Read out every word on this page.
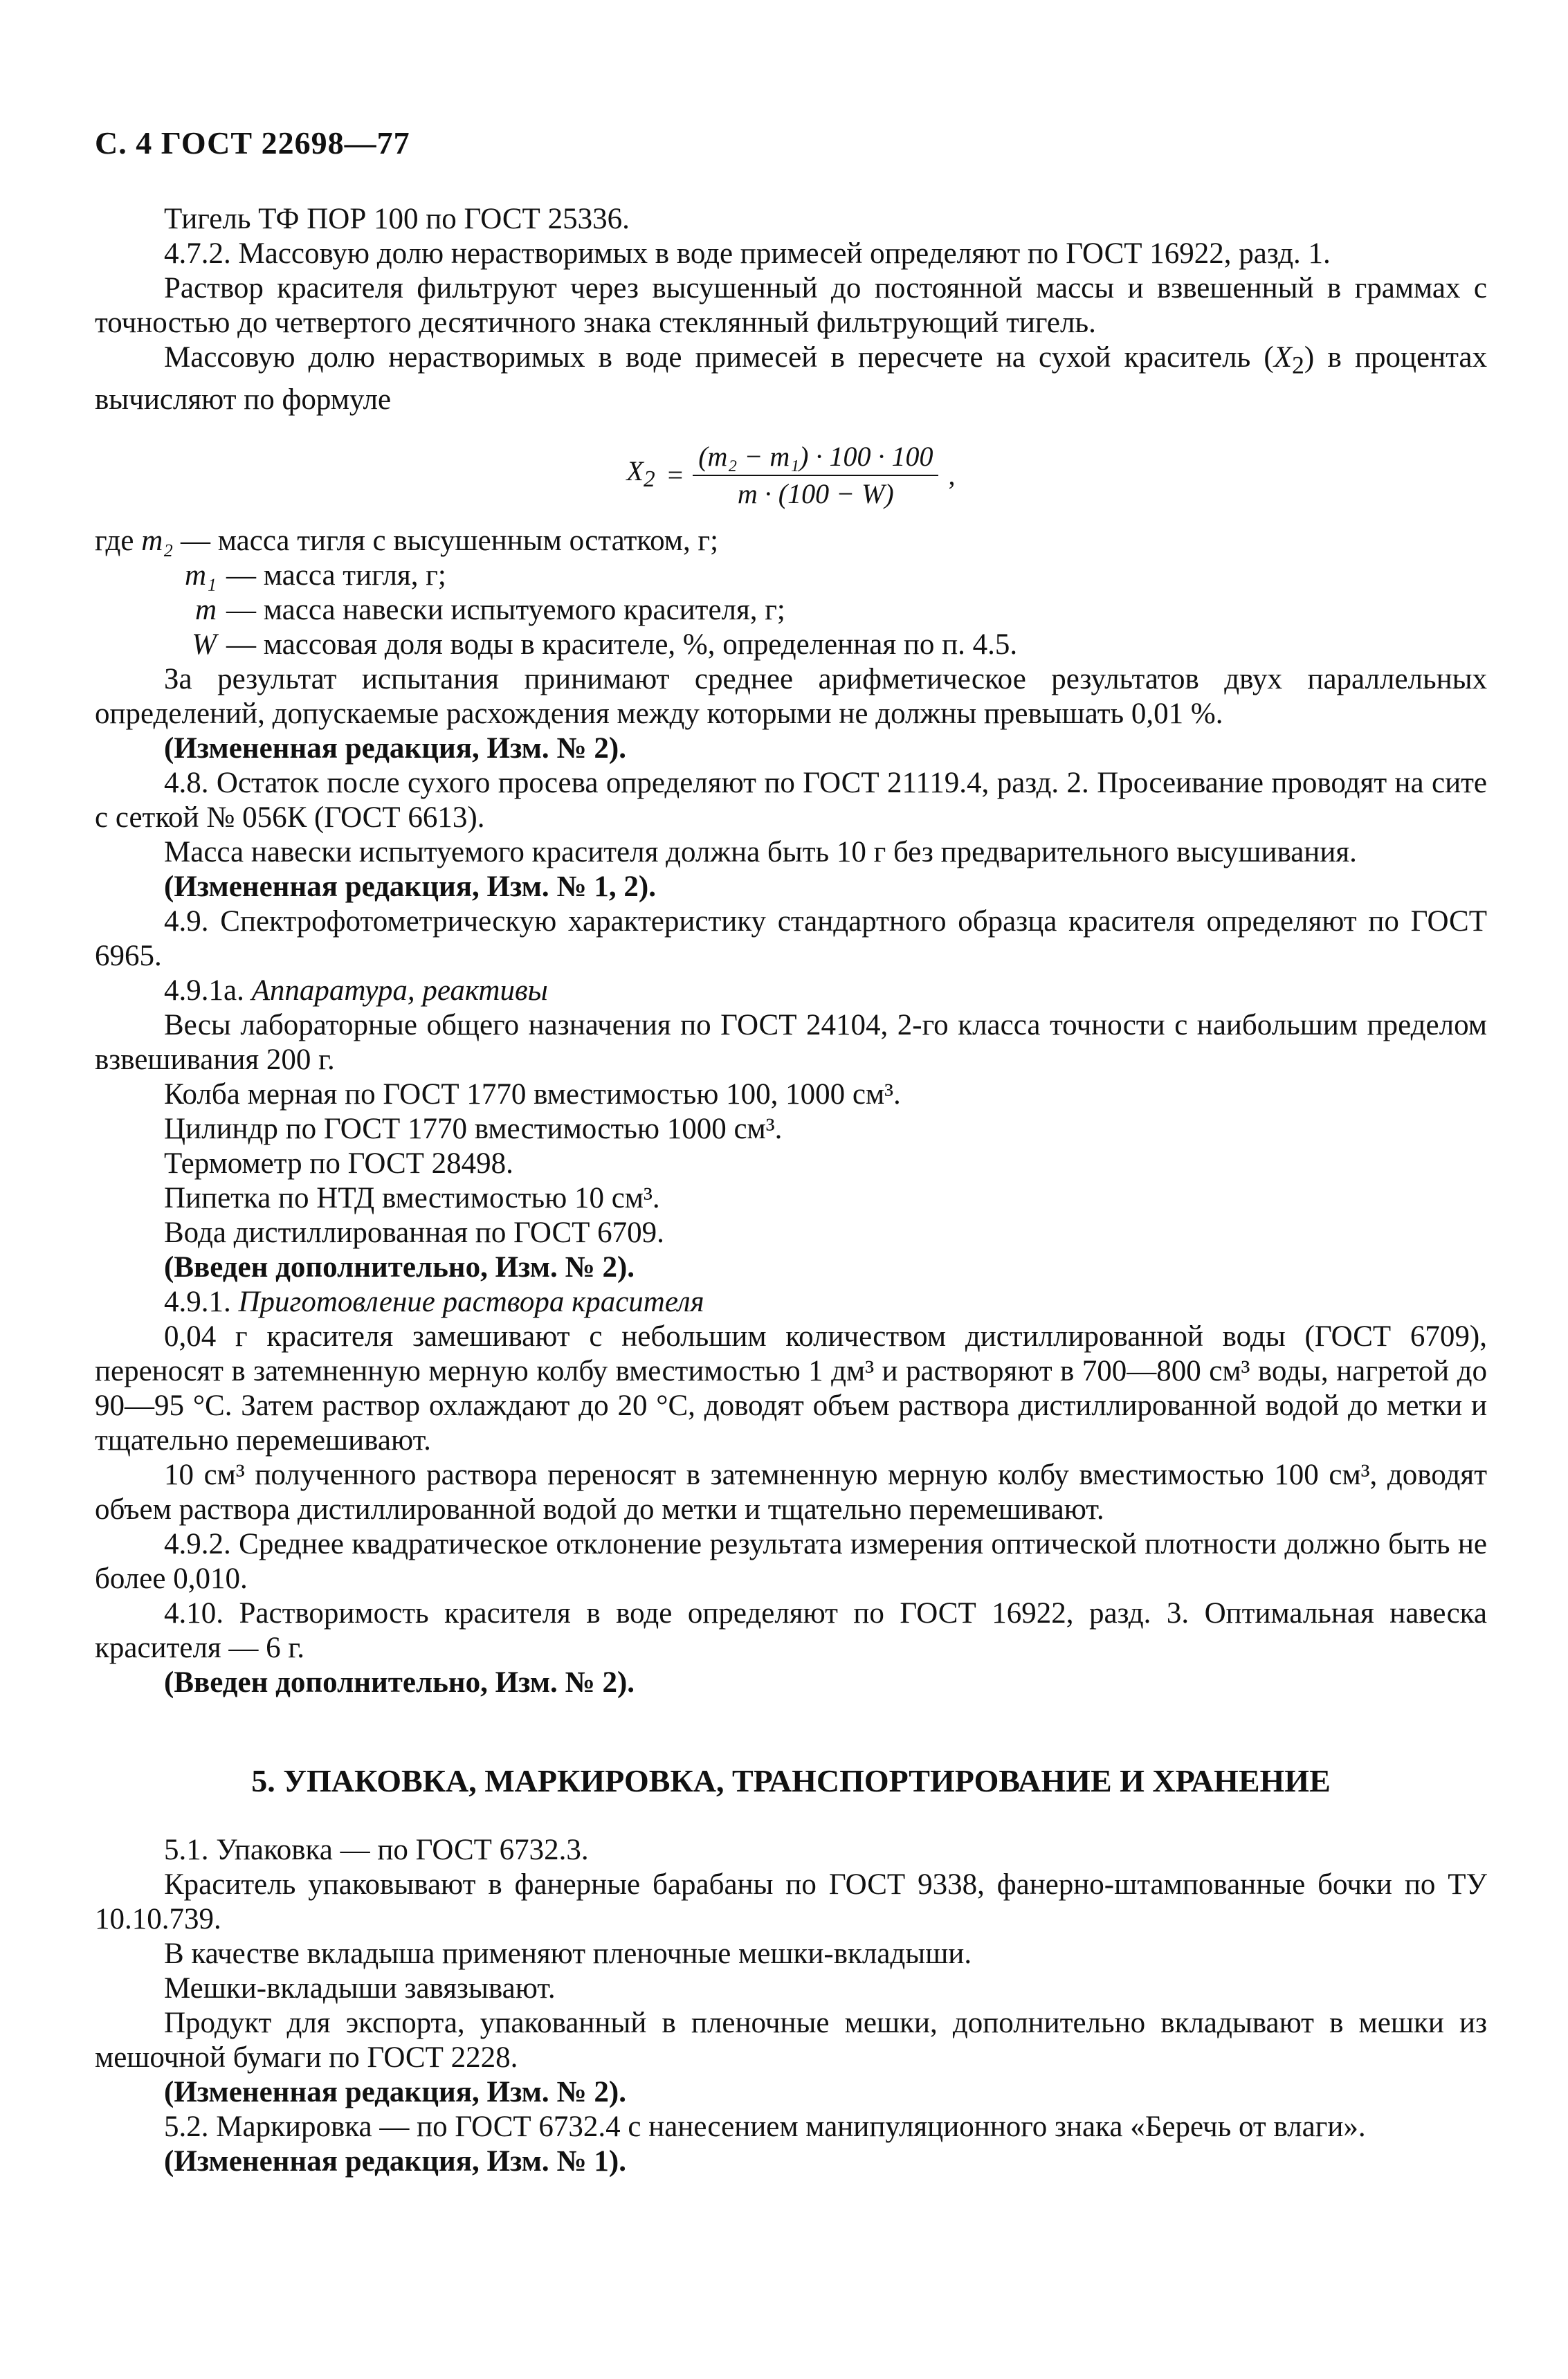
С. 4 ГОСТ 22698—77

Тигель ТФ ПОР 100 по ГОСТ 25336.

4.7.2. Массовую долю нерастворимых в воде примесей определяют по ГОСТ 16922, разд. 1.

Раствор красителя фильтруют через высушенный до постоянной массы и взвешенный в граммах с точностью до четвертого десятичного знака стеклянный фильтрующий тигель.

Массовую долю нерастворимых в воде примесей в пересчете на сухой краситель $(X_2)$ в процентах вычисляют по формуле

$X_2 = \frac{\text{(m₂ − m₁) · 100 · 100}}{m \cdot (100 - W)}$ ,
где
m₂
— масса тигля с высушенным остатком, г;
m₁ — масса тигля, г;
m — масса навески испытуемого красителя, г;
W — массовая доля воды в красителе, %, определенная по п. 4.5.

За результат испытания принимают среднее арифметическое результатов двух параллельных определений, допускаемые расхождения между которыми не должны превышать 0,01 %.

(Измененная редакция, Изм. № 2).

4.8. Остаток после сухого просева определяют по ГОСТ 21119.4, разд. 2. Просеивание проводят на сите с сеткой № 056К (ГОСТ 6613).

Масса навески испытуемого красителя должна быть 10 г без предварительного высушивания.

(Измененная редакция, Изм. № 1, 2).

4.9. Спектрофотометрическую характеристику стандартного образца красителя определяют по ГОСТ 6965.

4.9.1а. Аппаратура, реактивы

Весы лабораторные общего назначения по ГОСТ 24104, 2-го класса точности с наибольшим пределом взвешивания 200 г.

Колба мерная по ГОСТ 1770 вместимостью 100, 1000 см³.

Цилиндр по ГОСТ 1770 вместимостью 1000 см³.

Термометр по ГОСТ 28498.

Пипетка по НТД вместимостью 10 см³.

Вода дистиллированная по ГОСТ 6709.

(Введен дополнительно, Изм. № 2).

4.9.1. Приготовление раствора красителя

0,04 г красителя замешивают с небольшим количеством дистиллированной воды (ГОСТ 6709), переносят в затемненную мерную колбу вместимостью 1 дм³ и растворяют в 700—800 см³ воды, нагретой до 90—95 °С. Затем раствор охлаждают до 20 °С, доводят объем раствора дистиллированной водой до метки и тщательно перемешивают.

10 см³ полученного раствора переносят в затемненную мерную колбу вместимостью 100 см³, доводят объем раствора дистиллированной водой до метки и тщательно перемешивают.

4.9.2. Среднее квадратическое отклонение результата измерения оптической плотности должно быть не более 0,010.

4.10. Растворимость красителя в воде определяют по ГОСТ 16922, разд. 3. Оптимальная навеска красителя — 6 г.

(Введен дополнительно, Изм. № 2).

5. УПАКОВКА, МАРКИРОВКА, ТРАНСПОРТИРОВАНИЕ И ХРАНЕНИЕ

5.1. Упаковка — по ГОСТ 6732.3.

Краситель упаковывают в фанерные барабаны по ГОСТ 9338, фанерно-штампованные бочки по ТУ 10.10.739.

В качестве вкладыша применяют пленочные мешки-вкладыши.

Мешки-вкладыши завязывают.

Продукт для экспорта, упакованный в пленочные мешки, дополнительно вкладывают в мешки из мешочной бумаги по ГОСТ 2228.

(Измененная редакция, Изм. № 2).

5.2. Маркировка — по ГОСТ 6732.4 с нанесением манипуляционного знака «Беречь от влаги».

(Измененная редакция, Изм. № 1).
